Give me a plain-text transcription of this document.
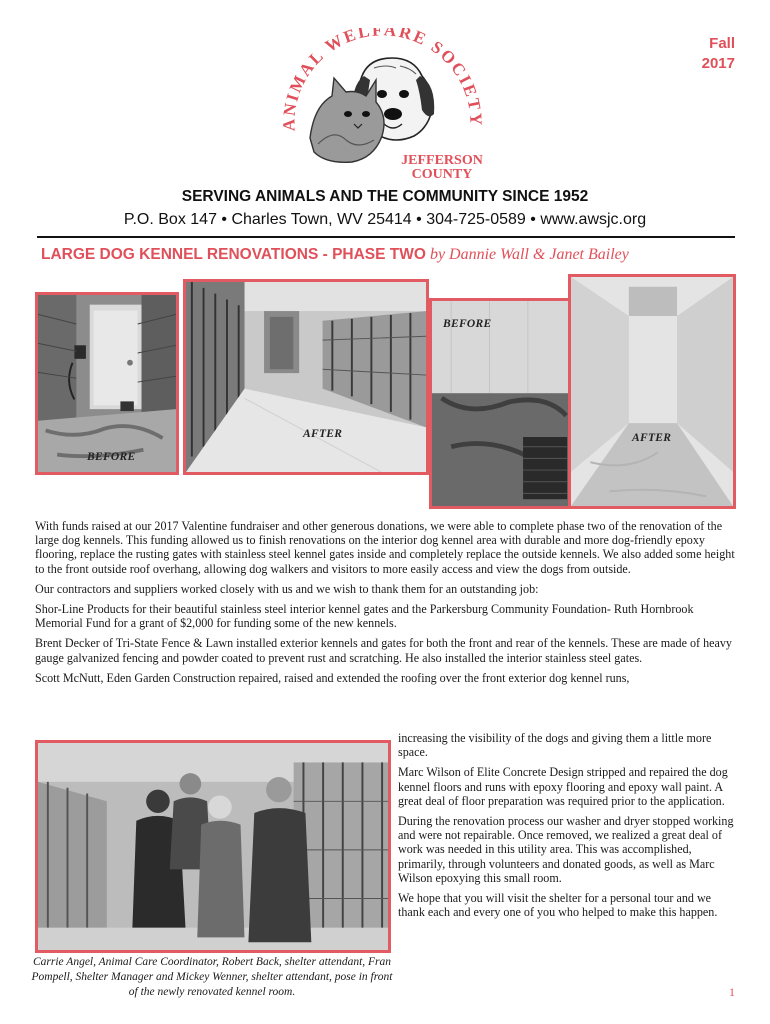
Fall
2017
ANIMAL WELFARE SOCIETY
JEFFERSON
COUNTY
SERVING ANIMALS AND THE COMMUNITY SINCE 1952
P.O. Box 147 • Charles Town, WV 25414 • 304-725-0589 • www.awsjc.org
LARGE DOG KENNEL RENOVATIONS - PHASE TWO by Dannie Wall & Janet Bailey
BEFORE
AFTER
BEFORE
AFTER

With funds raised at our 2017 Valentine fundraiser and other generous donations, we were able to complete phase two of the renovation of the large dog kennels. This funding allowed us to finish renovations on the interior dog kennel area with durable and more dog-friendly epoxy flooring, replace the rusting gates with stainless steel kennel gates inside and completely replace the outside kennels. We also added some height to the front outside roof overhang, allowing dog walkers and visitors to more easily access and view the dogs from outside.

Our contractors and suppliers worked closely with us and we wish to thank them for an outstanding job:

Shor-Line Products for their beautiful stainless steel interior kennel gates and the Parkersburg Community Foundation- Ruth Hornbrook Memorial Fund for a grant of $2,000 for funding some of the new kennels.

Brent Decker of Tri-State Fence & Lawn installed exterior kennels and gates for both the front and rear of the kennels. These are made of heavy gauge galvanized fencing and powder coated to prevent rust and scratching. He also installed the interior stainless steel gates.

Scott McNutt, Eden Garden Construction repaired, raised and extended the roofing over the front exterior dog kennel runs,

increasing the visibility of the dogs and giving them a little more space.

Marc Wilson of Elite Concrete Design stripped and repaired the dog kennel floors and runs with epoxy flooring and epoxy wall paint. A great deal of floor preparation was required prior to the application.

During the renovation process our washer and dryer stopped working and were not repairable. Once removed, we realized a great deal of work was needed in this utility area. This was accomplished, primarily, through volunteers and donated goods, as well as Marc Wilson epoxying this small room.

We hope that you will visit the shelter for a personal tour and we thank each and every one of you who helped to make this happen.

Carrie Angel, Animal Care Coordinator, Robert Back, shelter attendant, Fran Pompell, Shelter Manager and Mickey Wenner, shelter attendant, pose in front of the newly renovated kennel room.	1
